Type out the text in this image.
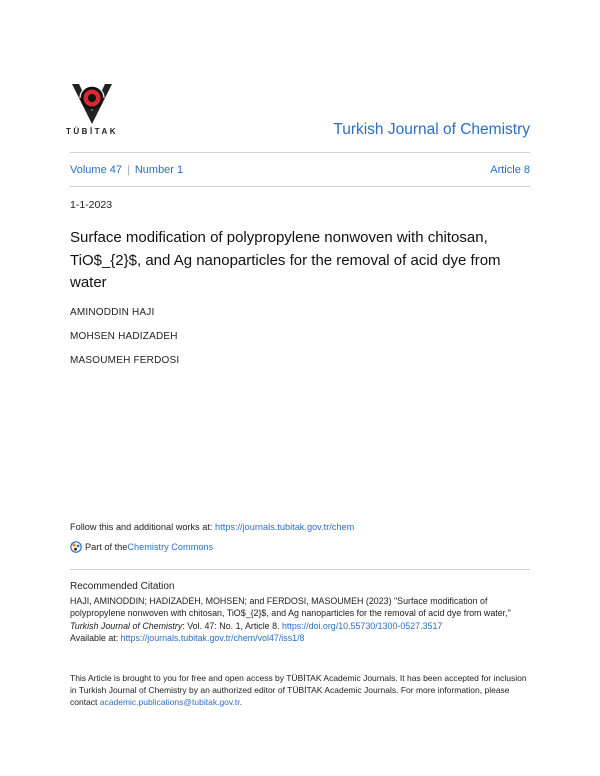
TÜBİTAK	Turkish Journal of Chemistry
Volume 47 | Number 1	Article 8
1-1-2023
Surface modification of polypropylene nonwoven with chitosan, TiO$_{2}$, and Ag nanoparticles for the removal of acid dye from water
AMINODDIN HAJI
MOHSEN HADIZADEH
MASOUMEH FERDOSI
Follow this and additional works at: https://journals.tubitak.gov.tr/chem
Part of the Chemistry Commons
Recommended Citation
HAJI, AMINODDIN; HADIZADEH, MOHSEN; and FERDOSI, MASOUMEH (2023) "Surface modification of polypropylene nonwoven with chitosan, TiO$_{2}$, and Ag nanoparticles for the removal of acid dye from water," Turkish Journal of Chemistry: Vol. 47: No. 1, Article 8. https://doi.org/10.55730/1300-0527.3517
Available at: https://journals.tubitak.gov.tr/chem/vol47/iss1/8
This Article is brought to you for free and open access by TÜBİTAK Academic Journals. It has been accepted for inclusion in Turkish Journal of Chemistry by an authorized editor of TÜBİTAK Academic Journals. For more information, please contact academic.publications@tubitak.gov.tr.
